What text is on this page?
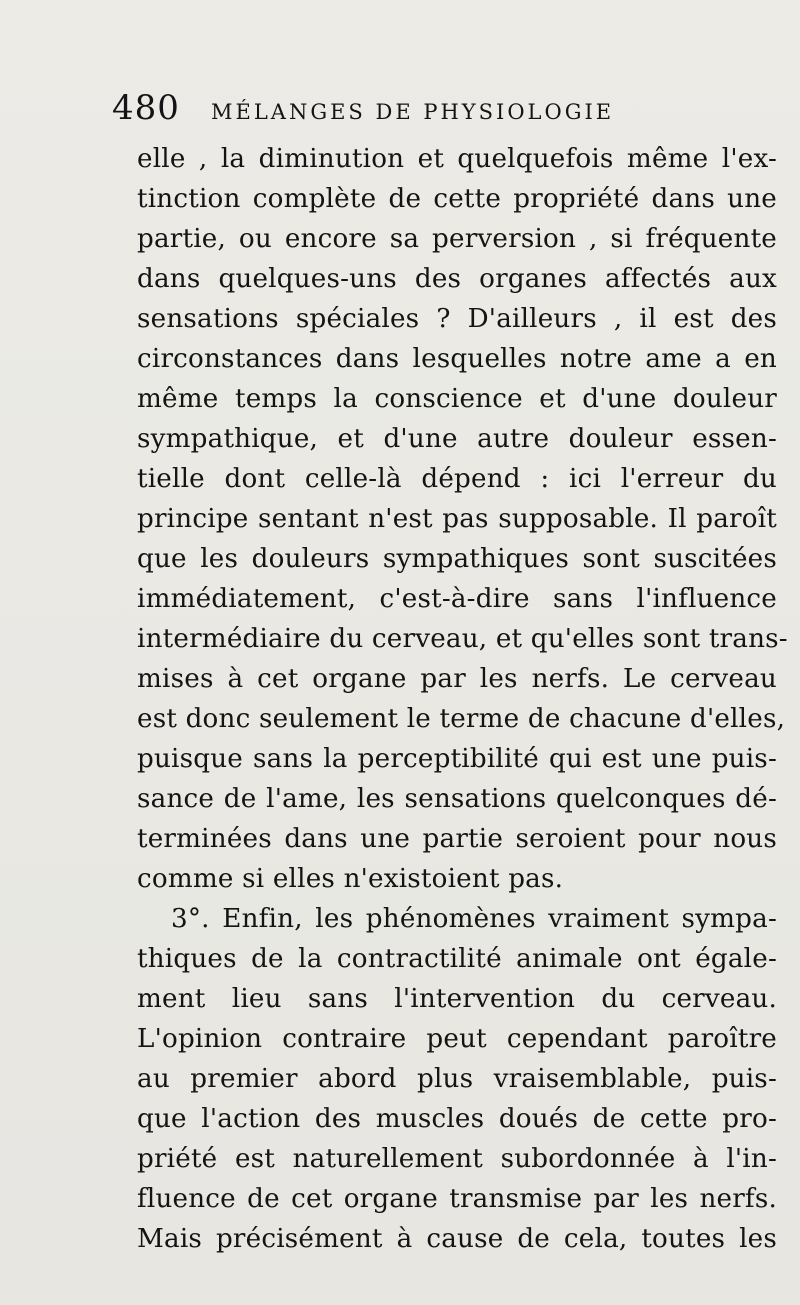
480 MÉLANGES DE PHYSIOLOGIE
elle , la diminution et quelquefois même l'ex-
tinction complète de cette propriété dans une
partie, ou encore sa perversion , si fréquente
dans quelques-uns des organes affectés aux
sensations spéciales ? D'ailleurs , il est des
circonstances dans lesquelles notre ame a en
même temps la conscience et d'une douleur
sympathique, et d'une autre douleur essen-
tielle dont celle-là dépend : ici l'erreur du
principe sentant n'est pas supposable. Il paroît
que les douleurs sympathiques sont suscitées
immédiatement, c'est-à-dire sans l'influence
intermédiaire du cerveau, et qu'elles sont trans-
mises à cet organe par les nerfs. Le cerveau
est donc seulement le terme de chacune d'elles,
puisque sans la perceptibilité qui est une puis-
sance de l'ame, les sensations quelconques dé-
terminées dans une partie seroient pour nous
comme si elles n'existoient pas.
3°. Enfin, les phénomènes vraiment sympa-
thiques de la contractilité animale ont égale-
ment lieu sans l'intervention du cerveau.
L'opinion contraire peut cependant paroître
au premier abord plus vraisemblable, puis-
que l'action des muscles doués de cette pro-
priété est naturellement subordonnée à l'in-
fluence de cet organe transmise par les nerfs.
Mais précisément à cause de cela, toutes les
